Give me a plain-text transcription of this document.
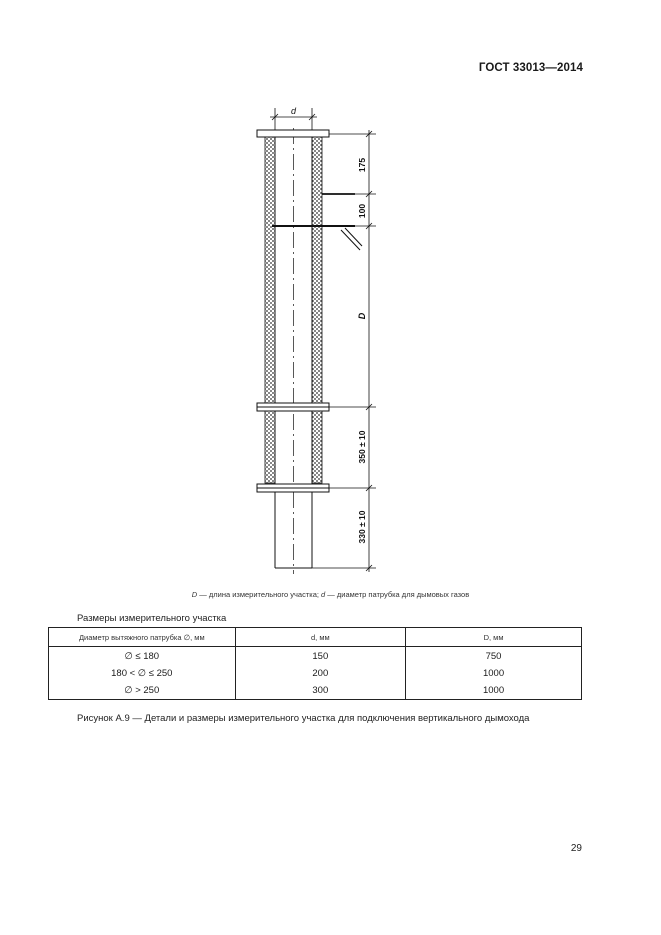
ГОСТ 33013—2014
d
175
100
D
350 ± 10
330 ± 10
D — длина измерительного участка; d — диаметр патрубка для дымовых газов
Размеры измерительного участка
Диаметр вытяжного патрубка ∅, мм	d, мм	D, мм
∅ ≤ 180	150	750
180 < ∅ ≤ 250	200	1000
∅ > 250	300	1000
Рисунок А.9 — Детали и размеры измерительного участка для подключения вертикального дымохода
29
